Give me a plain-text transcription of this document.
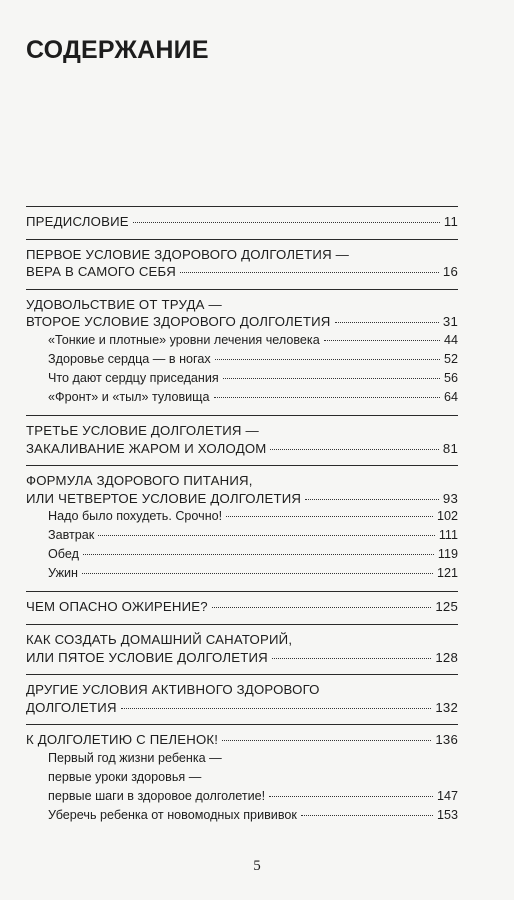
СОДЕРЖАНИЕ
ПРЕДИСЛОВИЕ	11
ПЕРВОЕ УСЛОВИЕ ЗДОРОВОГО ДОЛГОЛЕТИЯ —
ВЕРА В САМОГО СЕБЯ	16
УДОВОЛЬСТВИЕ ОТ ТРУДА —
ВТОРОЕ УСЛОВИЕ ЗДОРОВОГО ДОЛГОЛЕТИЯ	31
«Тонкие и плотные» уровни лечения человека	44
Здоровье сердца — в ногах	52
Что дают сердцу приседания	56
«Фронт» и «тыл» туловища	64
ТРЕТЬЕ УСЛОВИЕ ДОЛГОЛЕТИЯ —
ЗАКАЛИВАНИЕ ЖАРОМ И ХОЛОДОМ	81
ФОРМУЛА ЗДОРОВОГО ПИТАНИЯ,
ИЛИ ЧЕТВЕРТОЕ УСЛОВИЕ ДОЛГОЛЕТИЯ	93
Надо было похудеть. Срочно!	102
Завтрак	111
Обед	119
Ужин	121
ЧЕМ ОПАСНО ОЖИРЕНИЕ?	125
КАК СОЗДАТЬ ДОМАШНИЙ САНАТОРИЙ,
ИЛИ ПЯТОЕ УСЛОВИЕ ДОЛГОЛЕТИЯ	128
ДРУГИЕ УСЛОВИЯ АКТИВНОГО ЗДОРОВОГО
ДОЛГОЛЕТИЯ	132
К ДОЛГОЛЕТИЮ С ПЕЛЕНОК!	136
Первый год жизни ребенка —
первые уроки здоровья —
первые шаги в здоровое долголетие!	147
Уберечь ребенка от новомодных прививок	153
5
